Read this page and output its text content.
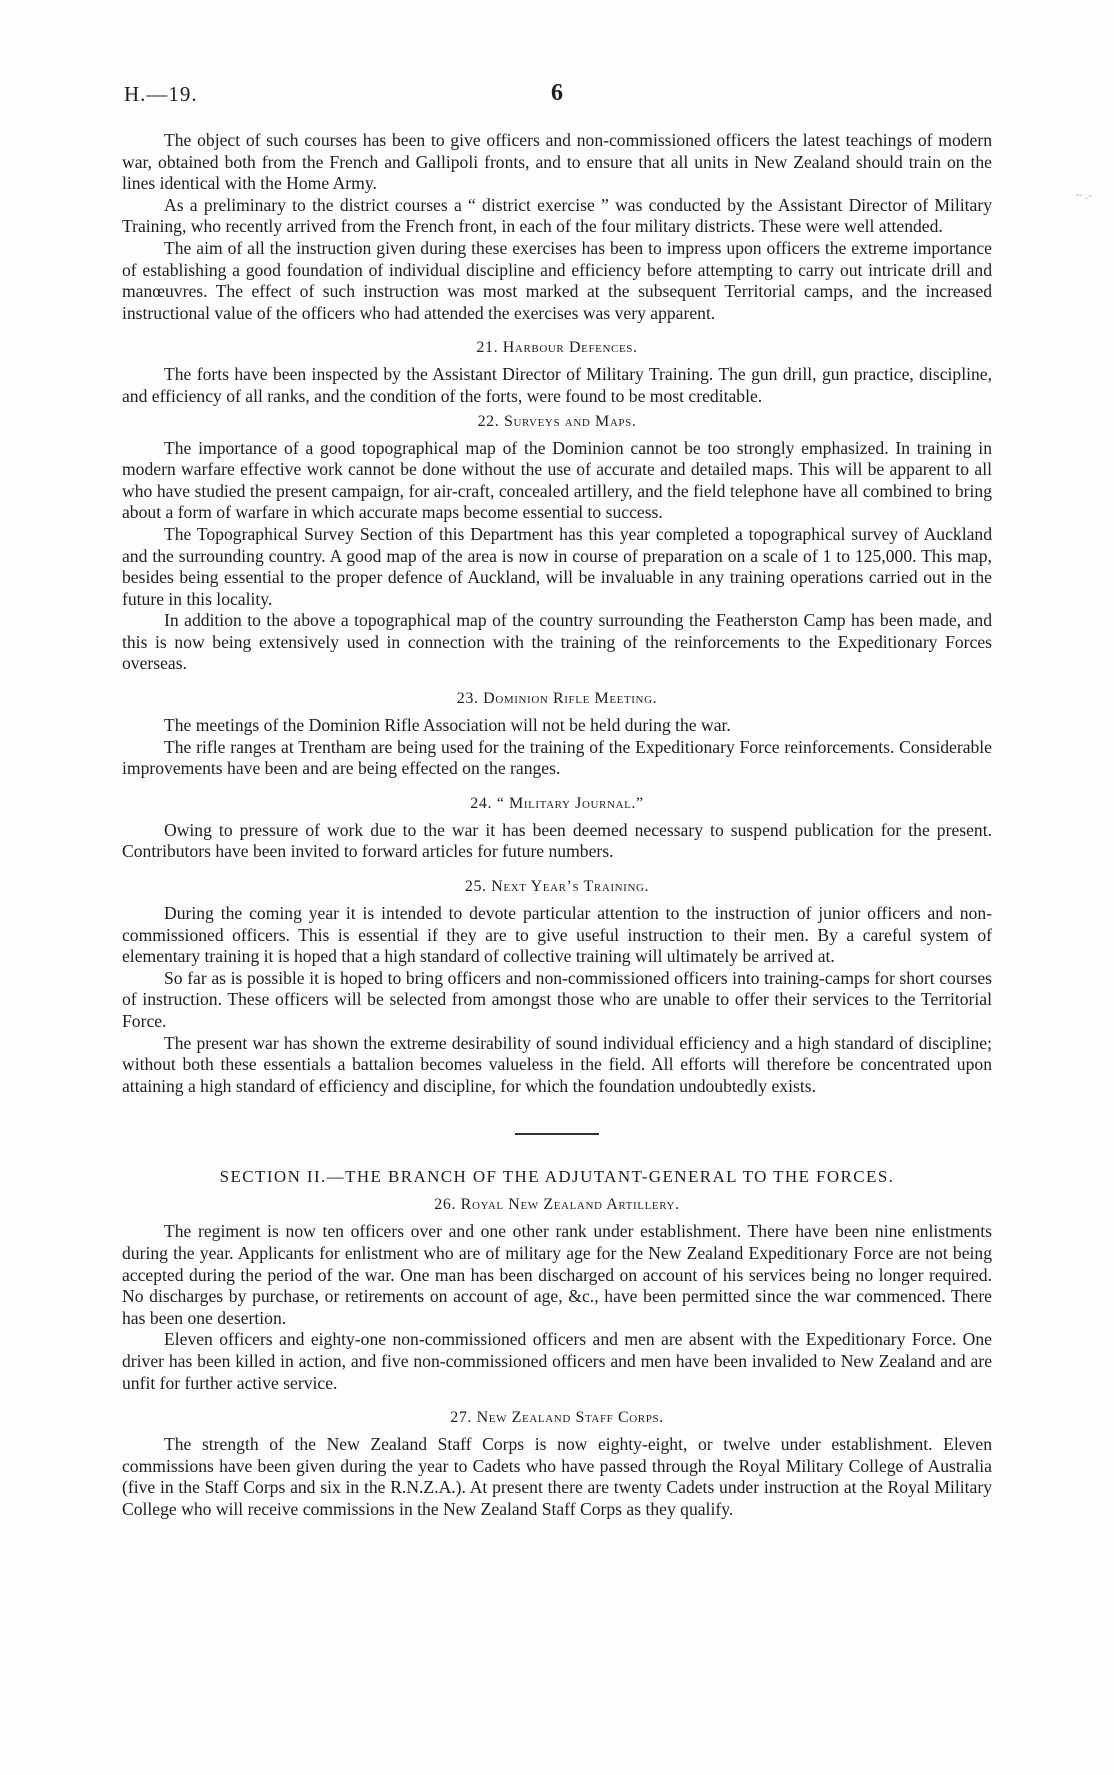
H.—19.	6
~ .-

The object of such courses has been to give officers and non-commissioned officers the latest teachings of modern war, obtained both from the French and Gallipoli fronts, and to ensure that all units in New Zealand should train on the lines identical with the Home Army.

As a preliminary to the district courses a “ district exercise ” was conducted by the Assistant Director of Military Training, who recently arrived from the French front, in each of the four military districts. These were well attended.

The aim of all the instruction given during these exercises has been to impress upon officers the extreme importance of establishing a good foundation of individual discipline and efficiency before attempting to carry out intricate drill and manœuvres. The effect of such instruction was most marked at the subsequent Territorial camps, and the increased instructional value of the officers who had attended the exercises was very apparent.

21. Harbour Defences.

The forts have been inspected by the Assistant Director of Military Training. The gun drill, gun practice, discipline, and efficiency of all ranks, and the condition of the forts, were found to be most creditable.

22. Surveys and Maps.

The importance of a good topographical map of the Dominion cannot be too strongly emphasized. In training in modern warfare effective work cannot be done without the use of accurate and detailed maps. This will be apparent to all who have studied the present campaign, for air-craft, concealed artillery, and the field telephone have all combined to bring about a form of warfare in which accurate maps become essential to success.

The Topographical Survey Section of this Department has this year completed a topographical survey of Auckland and the surrounding country. A good map of the area is now in course of preparation on a scale of 1 to 125,000. This map, besides being essential to the proper defence of Auckland, will be invaluable in any training operations carried out in the future in this locality.

In addition to the above a topographical map of the country surrounding the Featherston Camp has been made, and this is now being extensively used in connection with the training of the reinforcements to the Expeditionary Forces overseas.

23. Dominion Rifle Meeting.

The meetings of the Dominion Rifle Association will not be held during the war.

The rifle ranges at Trentham are being used for the training of the Expeditionary Force reinforcements. Considerable improvements have been and are being effected on the ranges.

24. “ Military Journal.”

Owing to pressure of work due to the war it has been deemed necessary to suspend publication for the present. Contributors have been invited to forward articles for future numbers.

25. Next Year’s Training.

During the coming year it is intended to devote particular attention to the instruction of junior officers and non-commissioned officers. This is essential if they are to give useful instruction to their men. By a careful system of elementary training it is hoped that a high standard of collective training will ultimately be arrived at.

So far as is possible it is hoped to bring officers and non-commissioned officers into training-camps for short courses of instruction. These officers will be selected from amongst those who are unable to offer their services to the Territorial Force.

The present war has shown the extreme desirability of sound individual efficiency and a high standard of discipline; without both these essentials a battalion becomes valueless in the field. All efforts will therefore be concentrated upon attaining a high standard of efficiency and discipline, for which the foundation undoubtedly exists.

SECTION II.—THE BRANCH OF THE ADJUTANT-GENERAL TO THE FORCES.
26. Royal New Zealand Artillery.

The regiment is now ten officers over and one other rank under establishment. There have been nine enlistments during the year. Applicants for enlistment who are of military age for the New Zealand Expeditionary Force are not being accepted during the period of the war. One man has been discharged on account of his services being no longer required. No discharges by purchase, or retirements on account of age, &c., have been permitted since the war commenced. There has been one desertion.

Eleven officers and eighty-one non-commissioned officers and men are absent with the Expeditionary Force. One driver has been killed in action, and five non-commissioned officers and men have been invalided to New Zealand and are unfit for further active service.

27. New Zealand Staff Corps.

The strength of the New Zealand Staff Corps is now eighty-eight, or twelve under establishment. Eleven commissions have been given during the year to Cadets who have passed through the Royal Military College of Australia (five in the Staff Corps and six in the R.N.Z.A.). At present there are twenty Cadets under instruction at the Royal Military College who will receive commissions in the New Zealand Staff Corps as they qualify.
